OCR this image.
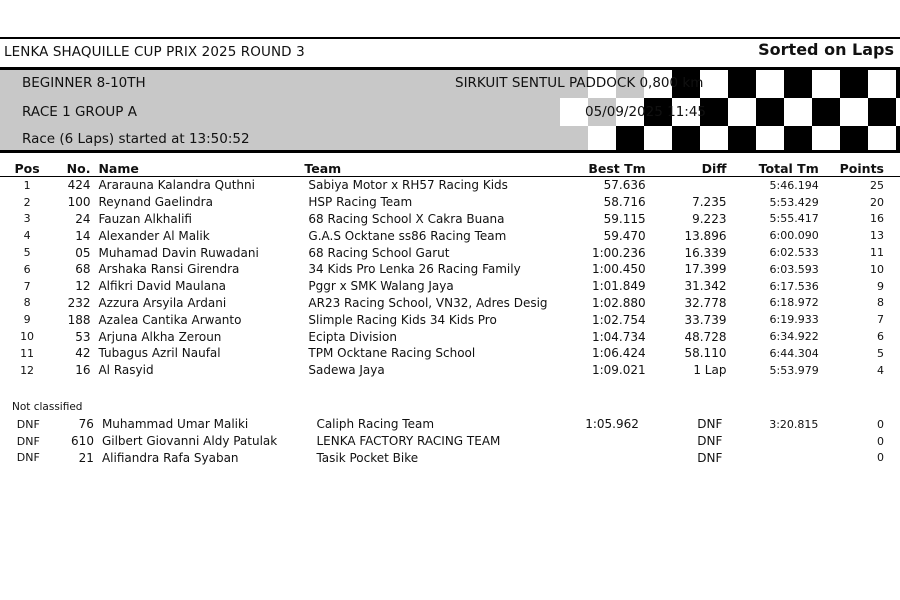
LENKA SHAQUILLE CUP PRIX 2025 ROUND 3	Sorted on Laps
BEGINNER 8-10TH
RACE 1 GROUP A
Race (6 Laps) started at 13:50:52
SIRKUIT SENTUL PADDOCK 0,800 km
05/09/2025 11:45
Pos	No.	Name	Team	Best Tm	Diff	Total Tm	Points
1	424	Ararauna Kalandra Quthni	Sabiya Motor x RH57 Racing Kids	57.636		5:46.194	25
2	100	Reynand Gaelindra	HSP Racing Team	58.716	7.235	5:53.429	20
3	24	Fauzan Alkhalifi	68 Racing School X Cakra Buana	59.115	9.223	5:55.417	16
4	14	Alexander Al Malik	G.A.S Ocktane ss86 Racing Team	59.470	13.896	6:00.090	13
5	05	Muhamad Davin Ruwadani	68 Racing School Garut	1:00.236	16.339	6:02.533	11
6	68	Arshaka Ransi Girendra	34 Kids Pro Lenka 26 Racing Family	1:00.450	17.399	6:03.593	10
7	12	Alfikri David Maulana	Pggr x SMK Walang Jaya	1:01.849	31.342	6:17.536	9
8	232	Azzura Arsyila Ardani	AR23 Racing School, VN32, Adres Desig	1:02.880	32.778	6:18.972	8
9	188	Azalea Cantika Arwanto	Slimple Racing Kids 34 Kids Pro	1:02.754	33.739	6:19.933	7
10	53	Arjuna Alkha Zeroun	Ecipta Division	1:04.734	48.728	6:34.922	6
11	42	Tubagus Azril Naufal	TPM Ocktane Racing School	1:06.424	58.110	6:44.304	5
12	16	Al Rasyid	Sadewa Jaya	1:09.021	1 Lap	5:53.979	4
Not classified
DNF	76	Muhammad Umar Maliki	Caliph Racing Team	1:05.962	DNF	3:20.815	0
DNF	610	Gilbert Giovanni Aldy Patulak	LENKA FACTORY RACING TEAM		DNF		0
DNF	21	Alifiandra Rafa Syaban	Tasik Pocket Bike		DNF		0
